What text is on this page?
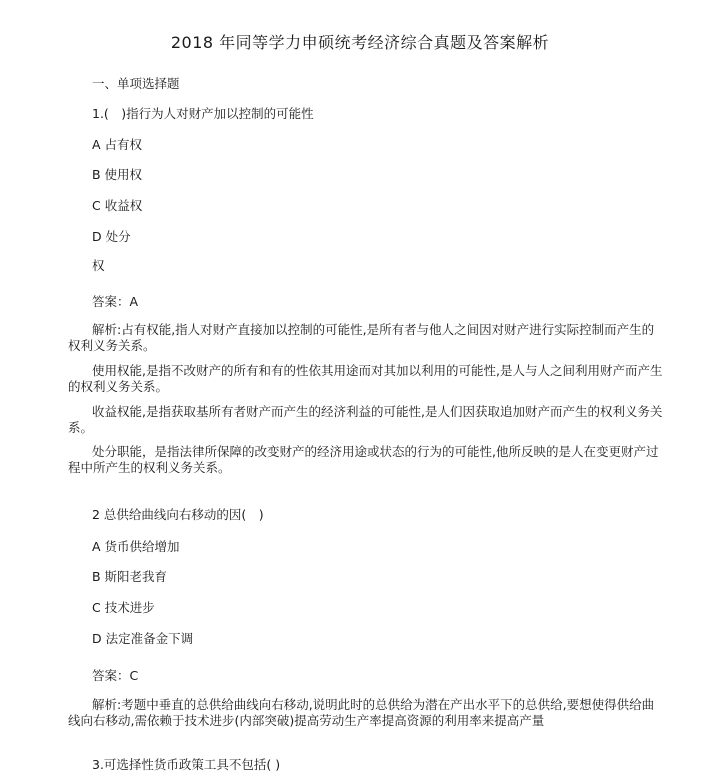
2018 年同等学力申硕统考经济综合真题及答案解析
一、单项选择题
1.(　)指行为人对财产加以控制的可能性
A 占有权
B 使用权
C 收益权
D 处分
权
答案：A
解析:占有权能,指人对财产直接加以控制的可能性,是所有者与他人之间因对财产进行实际控制而产生的权利义务关系。
使用权能,是指不改财产的所有和有的性依其用途而对其加以利用的可能性,是人与人之间利用财产而产生的权利义务关系。
收益权能,是指获取基所有者财产而产生的经济利益的可能性,是人们因获取追加财产而产生的权利义务关系。
处分职能，是指法律所保障的改变财产的经济用途或状态的行为的可能性,他所反映的是人在变更财产过程中所产生的权利义务关系。
2 总供给曲线向右移动的因(　)
A 货币供给增加
B 斯阳老我育
C 技术进步
D 法定准备金下调
答案：C
解析:考题中垂直的总供给曲线向右移动,说明此时的总供给为潜在产出水平下的总供给,要想使得供给曲线向右移动,需依赖于技术进步(内部突破)提高劳动生产率提高资源的利用率来提高产量
3.可选择性货币政策工具不包括( )
